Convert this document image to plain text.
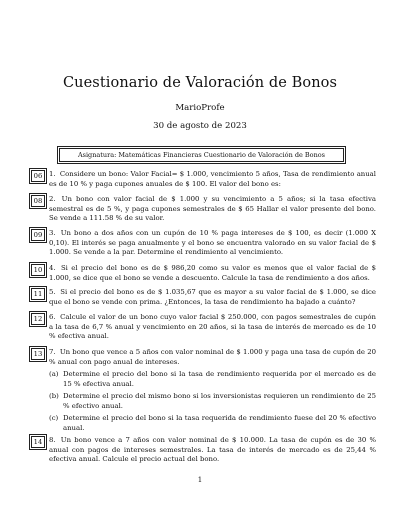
Cuestionario de Valoración de Bonos
MarioProfe
30 de agosto de 2023
Asignatura: Matemáticas Financieras Cuestionario de Valoración de Bonos
06 1. Considere un bono: Valor Facial= $ 1.000, vencimiento 5 años, Tasa de rendimiento anual es de 10 % y paga cupones anuales de $ 100. El valor del bono es:
08 2. Un bono con valor facial de $ 1.000 y su vencimiento a 5 años; si la tasa efectiva semestral es de 5 %, y paga cupones semestrales de $ 65 Hallar el valor presente del bono. Se vende a 111.58 % de su valor.
09 3. Un bono a dos años con un cupón de 10 % paga intereses de $ 100, es decir (1.000 X 0,10). El interés se paga anualmente y el bono se encuentra valorado en su valor facial de $ 1.000. Se vende a la par. Determine el rendimiento al vencimiento.
10 4. Si el precio del bono es de $ 986,20 como su valor es menos que el valor facial de $ 1.000, se dice que el bono se vende a descuento. Calcule la tasa de rendimiento a dos años.
11 5. Si el precio del bono es de $ 1.035,67 que es mayor a su valor facial de $ 1.000, se dice que el bono se vende con prima. ¿Entonces, la tasa de rendimiento ha bajado a cuánto?
12 6. Calcule el valor de un bono cuyo valor facial $ 250.000, con pagos semestrales de cupón a la tasa de 6,7 % anual y vencimiento en 20 años, si la tasa de interés de mercado es de 10 % efectiva anual.
13 7. Un bono que vence a 5 años con valor nominal de $ 1.000 y paga una tasa de cupón de 20 % anual con pago anual de intereses.
(a) Determine el precio del bono si la tasa de rendimiento requerida por el mercado es de 15 % efectiva anual.
(b) Determine el precio del mismo bono si los inversionistas requieren un rendimiento de 25 % efectivo anual.
(c) Determine el precio del bono si la tasa requerida de rendimiento fuese del 20 % efectivo anual.
14 8. Un bono vence a 7 años con valor nominal de $ 10.000. La tasa de cupón es de 30 % anual con pagos de intereses semestrales. La tasa de interés de mercado es de 25,44 % efectiva anual. Calcule el precio actual del bono.
1
